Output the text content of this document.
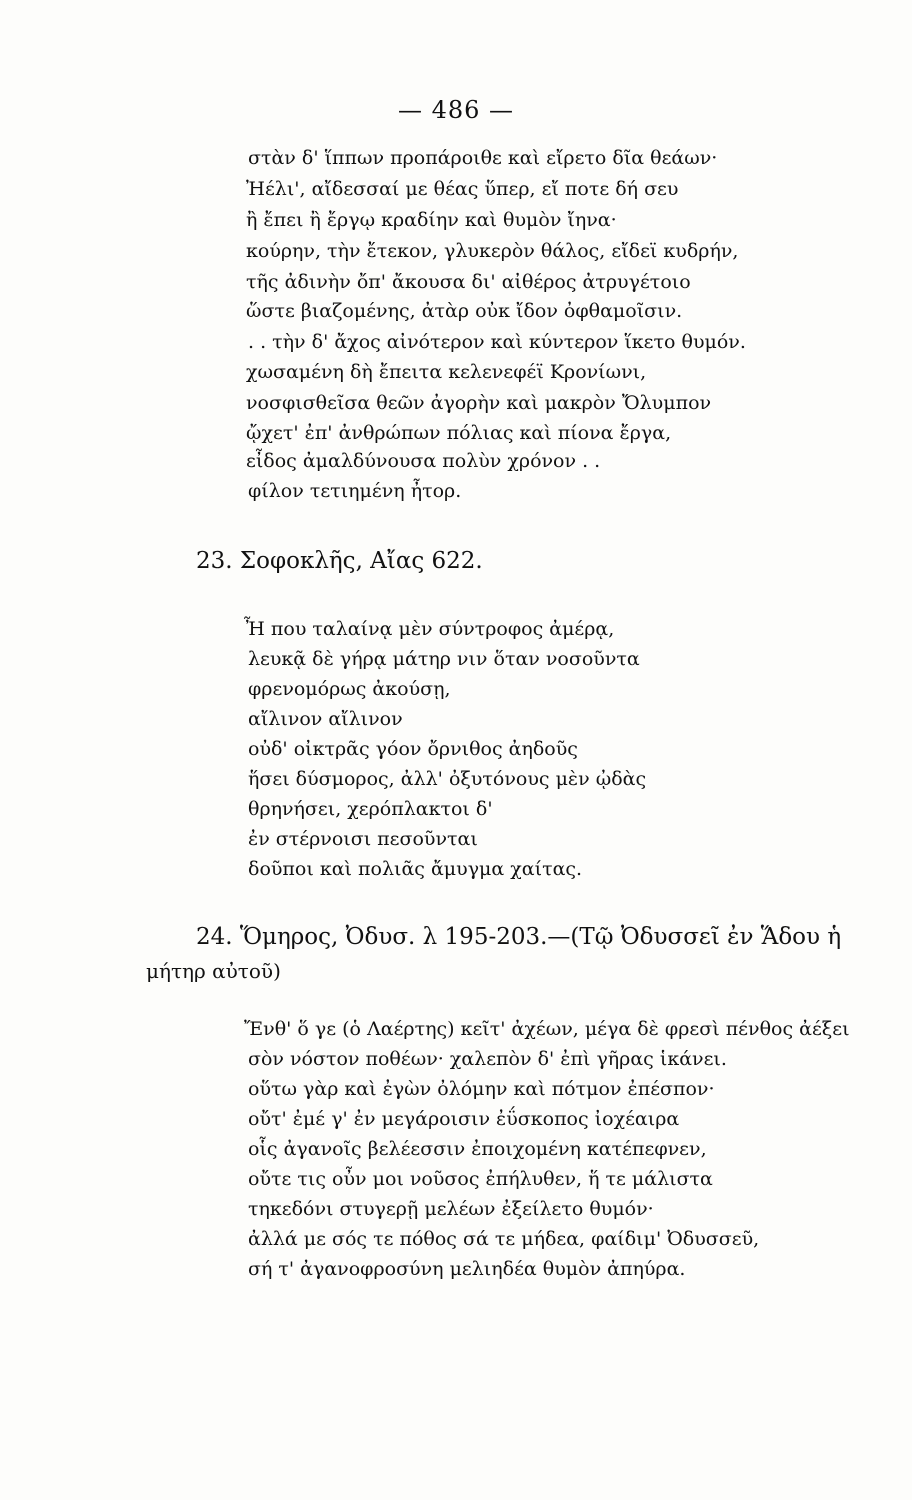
— 486 —
στὰν δ' ἵππων προπάροιθε καὶ εἴρετο δῖα θεάων·
Ἠέλι', αἴδεσσαί με θέας ὕπερ, εἴ ποτε δή σευ
ἢ ἔπει ἢ ἔργῳ κραδίην καὶ θυμὸν ἴηνα·
κούρην, τὴν ἔτεκον, γλυκερὸν θάλος, εἴδεϊ κυδρήν,
τῆς ἀδινὴν ὄπ' ἄκουσα δι' αἰθέρος ἀτρυγέτοιο
ὥστε βιαζομένης, ἀτὰρ οὐκ ἴδον ὀφθαμοῖσιν.
. . τὴν δ' ἄχος αἰνότερον καὶ κύντερον ἵκετο θυμόν.
χωσαμένη δὴ ἔπειτα κελενεφέϊ Κρονίωνι,
νοσφισθεῖσα θεῶν ἀγορὴν καὶ μακρὸν Ὄλυμπον
ᾤχετ' ἐπ' ἀνθρώπων πόλιας καὶ πίονα ἔργα,
εἶδος ἀμαλδύνουσα πολὺν χρόνον . .
φίλον τετιημένη ἦτορ.
23. Σοφοκλῆς, Αἴας 622.
Ἦ που ταλαίνᾳ μὲν σύντροφος ἀμέρᾳ,
λευκᾷ δὲ γήρᾳ μάτηρ νιν ὅταν νοσοῦντα
φρενομόρως ἀκούσῃ,
αἴλινον αἴλινον
οὐδ' οἰκτρᾶς γόον ὄρνιθος ἀηδοῦς
ἥσει δύσμορος, ἀλλ' ὀξυτόνους μὲν ᾠδὰς
θρηνήσει, χερόπλακτοι δ'
ἐν στέρνοισι πεσοῦνται
δοῦποι καὶ πολιᾶς ἄμυγμα χαίτας.
24. Ὅμηρος, Ὀδυσ. λ 195-203.—(Τῷ Ὀδυσσεῖ ἐν Ἅδου ἡ
μήτηρ αὐτοῦ)
Ἔνθ' ὅ γε (ὁ Λαέρτης) κεῖτ' ἀχέων, μέγα δὲ φρεσὶ πένθος ἀέξει
σὸν νόστον ποθέων· χαλεπὸν δ' ἐπὶ γῆρας ἱκάνει.
οὕτω γὰρ καὶ ἐγὼν ὀλόμην καὶ πότμον ἐπέσπον·
οὔτ' ἐμέ γ' ἐν μεγάροισιν ἐΰσκοπος ἰοχέαιρα
οἷς ἀγανοῖς βελέεσσιν ἐποιχομένη κατέπεφνεν,
οὔτε τις οὖν μοι νοῦσος ἐπήλυθεν, ἥ τε μάλιστα
τηκεδόνι στυγερῇ μελέων ἐξείλετο θυμόν·
ἀλλά με σός τε πόθος σά τε μήδεα, φαίδιμ' Ὀδυσσεῦ,
σή τ' ἀγανοφροσύνη μελιηδέα θυμὸν ἀπηύρα.
